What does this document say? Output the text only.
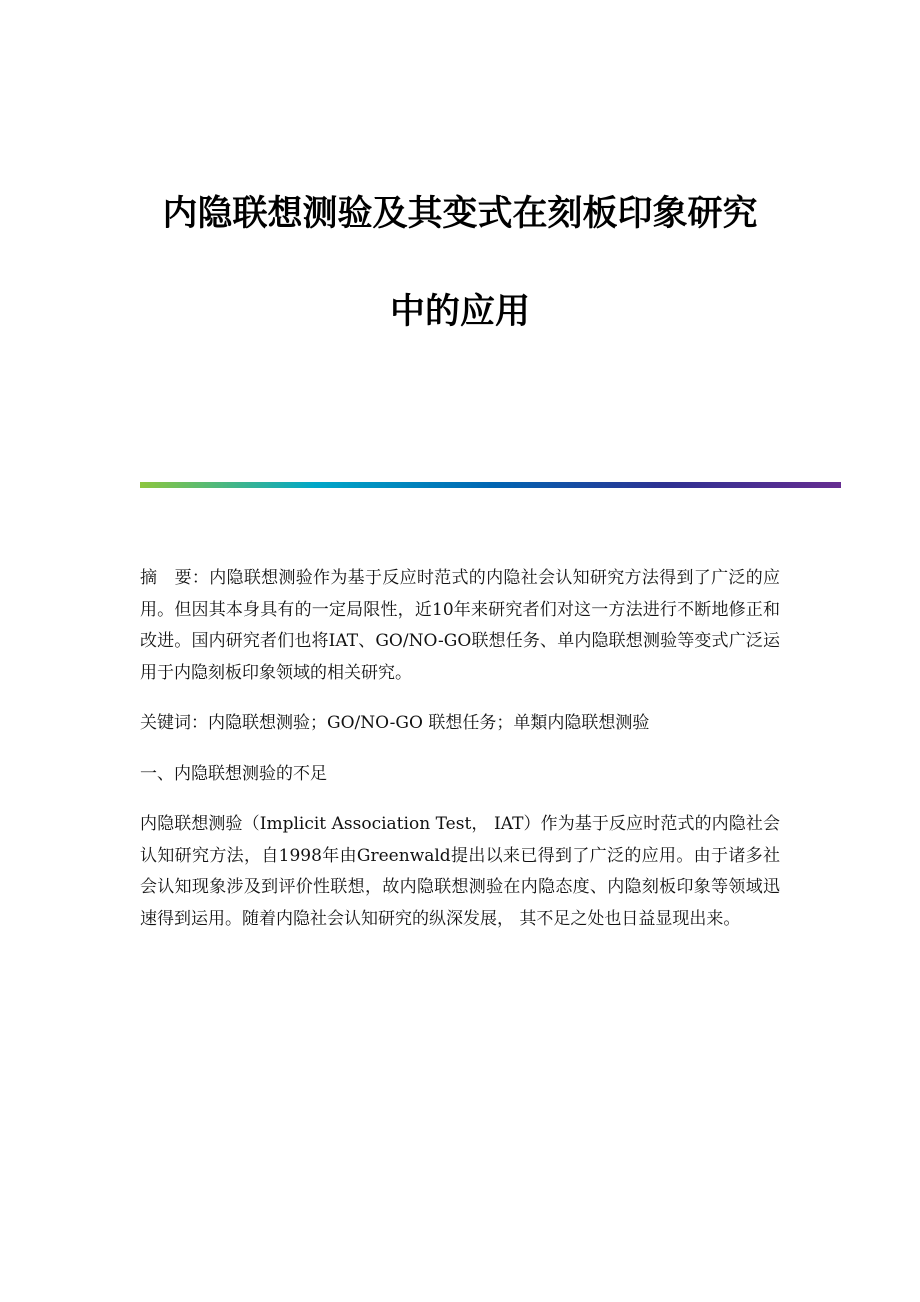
内隐联想测验及其变式在刻板印象研究
中的应用

摘　要：内隐联想测验作为基于反应时范式的内隐社会认知研究方法得到了广泛的应用。但因其本身具有的一定局限性，近10年来研究者们对这一方法进行不断地修正和改进。国内研究者们也将IAT、GO/NO-GO联想任务、单内隐联想测验等变式广泛运用于内隐刻板印象领域的相关研究。

关键词：内隐联想测验；GO/NO-GO 联想任务；单類内隐联想测验

一、内隐联想测验的不足

内隐联想测验（Implicit Association Test， IAT）作为基于反应时范式的内隐社会认知研究方法，自1998年由Greenwald提出以来已得到了广泛的应用。由于诸多社会认知现象涉及到评价性联想，故内隐联想测验在内隐态度、内隐刻板印象等领域迅速得到运用。随着内隐社会认知研究的纵深发展， 其不足之处也日益显现出来。
